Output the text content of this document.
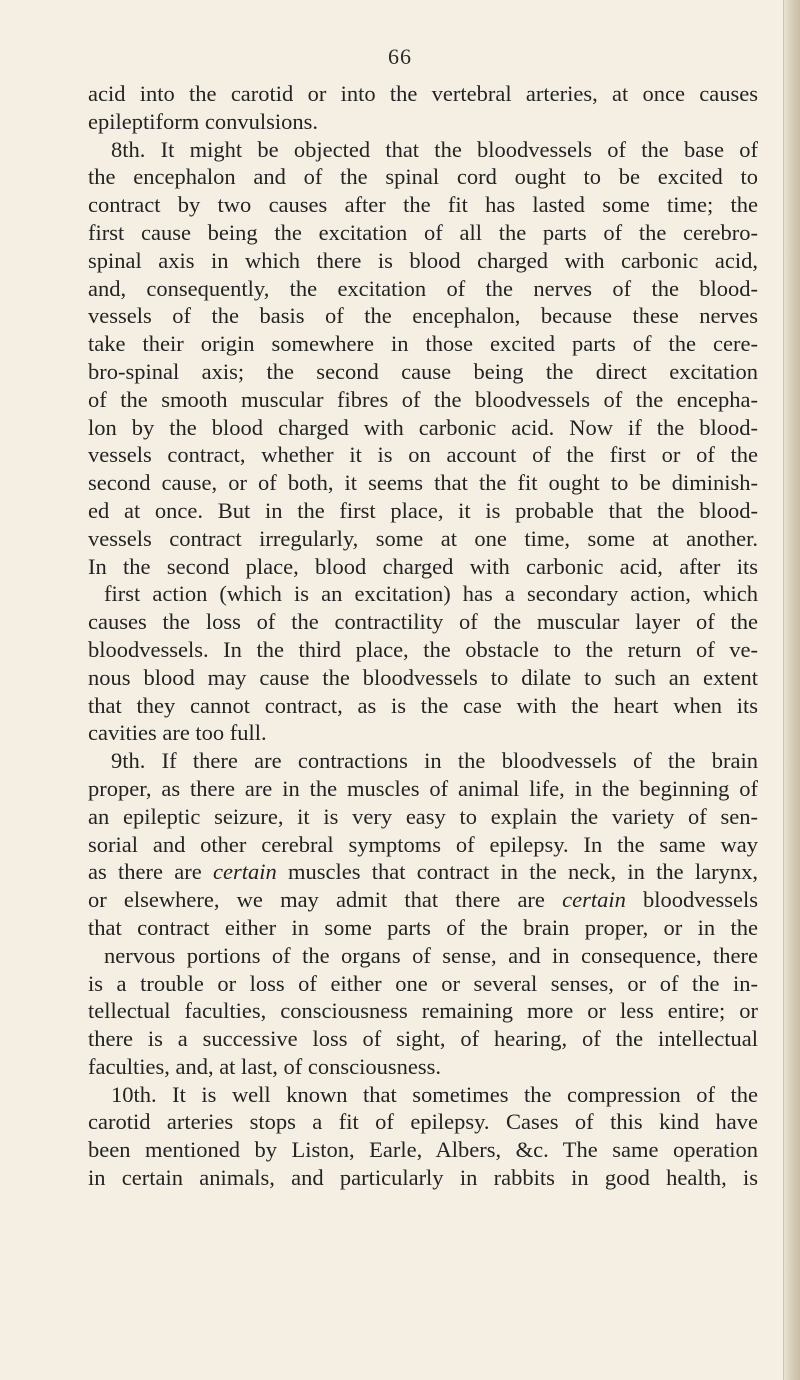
66
acid into the carotid or into the vertebral arteries, at once causes
epileptiform convulsions.
8th. It might be objected that the bloodvessels of the base of
the encephalon and of the spinal cord ought to be excited to
contract by two causes after the fit has lasted some time; the
first cause being the excitation of all the parts of the cerebro-
spinal axis in which there is blood charged with carbonic acid,
and, consequently, the excitation of the nerves of the blood-
vessels of the basis of the encephalon, because these nerves
take their origin somewhere in those excited parts of the cere-
bro-spinal axis; the second cause being the direct excitation
of the smooth muscular fibres of the bloodvessels of the encepha-
lon by the blood charged with carbonic acid. Now if the blood-
vessels contract, whether it is on account of the first or of the
second cause, or of both, it seems that the fit ought to be diminish-
ed at once. But in the first place, it is probable that the blood-
vessels contract irregularly, some at one time, some at another.
In the second place, blood charged with carbonic acid, after its
first action (which is an excitation) has a secondary action, which
causes the loss of the contractility of the muscular layer of the
bloodvessels. In the third place, the obstacle to the return of ve-
nous blood may cause the bloodvessels to dilate to such an extent
that they cannot contract, as is the case with the heart when its
cavities are too full.
9th. If there are contractions in the bloodvessels of the brain
proper, as there are in the muscles of animal life, in the beginning of
an epileptic seizure, it is very easy to explain the variety of sen-
sorial and other cerebral symptoms of epilepsy. In the same way
as there are certain muscles that contract in the neck, in the larynx,
or elsewhere, we may admit that there are certain bloodvessels
that contract either in some parts of the brain proper, or in the
nervous portions of the organs of sense, and in consequence, there
is a trouble or loss of either one or several senses, or of the in-
tellectual faculties, consciousness remaining more or less entire; or
there is a successive loss of sight, of hearing, of the intellectual
faculties, and, at last, of consciousness.
10th. It is well known that sometimes the compression of the
carotid arteries stops a fit of epilepsy. Cases of this kind have
been mentioned by Liston, Earle, Albers, &c. The same operation
in certain animals, and particularly in rabbits in good health, is
